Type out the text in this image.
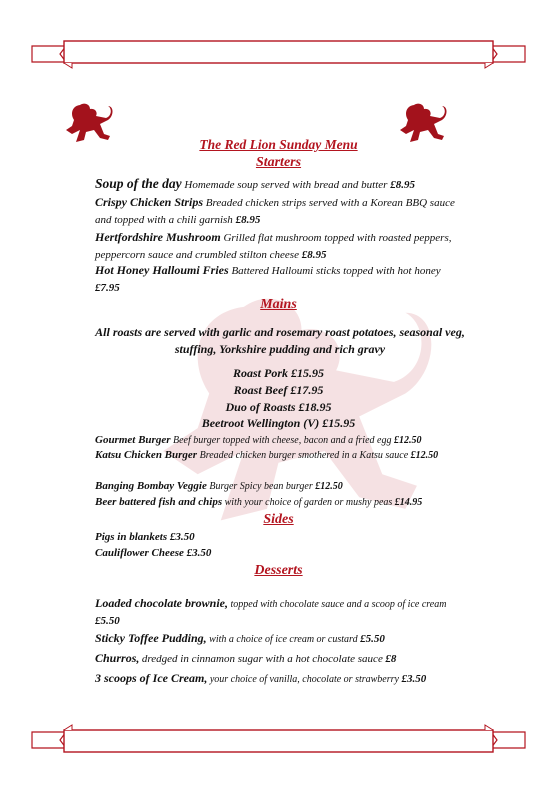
The Red Lion Sunday Menu
Starters
Soup of the day Homemade soup served with bread and butter £8.95
Crispy Chicken Strips Breaded chicken strips served with a Korean BBQ sauce and topped with a chili garnish £8.95
Hertfordshire Mushroom Grilled flat mushroom topped with roasted peppers, peppercorn sauce and crumbled stilton cheese £8.95
Hot Honey Halloumi Fries Battered Halloumi sticks topped with hot honey £7.95
Mains
All roasts are served with garlic and rosemary roast potatoes, seasonal veg, stuffing, Yorkshire pudding and rich gravy
Roast Pork £15.95
Roast Beef £17.95
Duo of Roasts £18.95
Beetroot Wellington (V) £15.95
Gourmet Burger Beef burger topped with cheese, bacon and a fried egg £12.50
Katsu Chicken Burger Breaded chicken burger smothered in a Katsu sauce £12.50
Banging Bombay Veggie Burger Spicy bean burger £12.50
Beer battered fish and chips with your choice of garden or mushy peas £14.95
Sides
Pigs in blankets £3.50
Cauliflower Cheese £3.50
Desserts
Loaded chocolate brownie, topped with chocolate sauce and a scoop of ice cream £5.50
Sticky Toffee Pudding, with a choice of ice cream or custard £5.50
Churros, dredged in cinnamon sugar with a hot chocolate sauce £8
3 scoops of Ice Cream, your choice of vanilla, chocolate or strawberry £3.50
